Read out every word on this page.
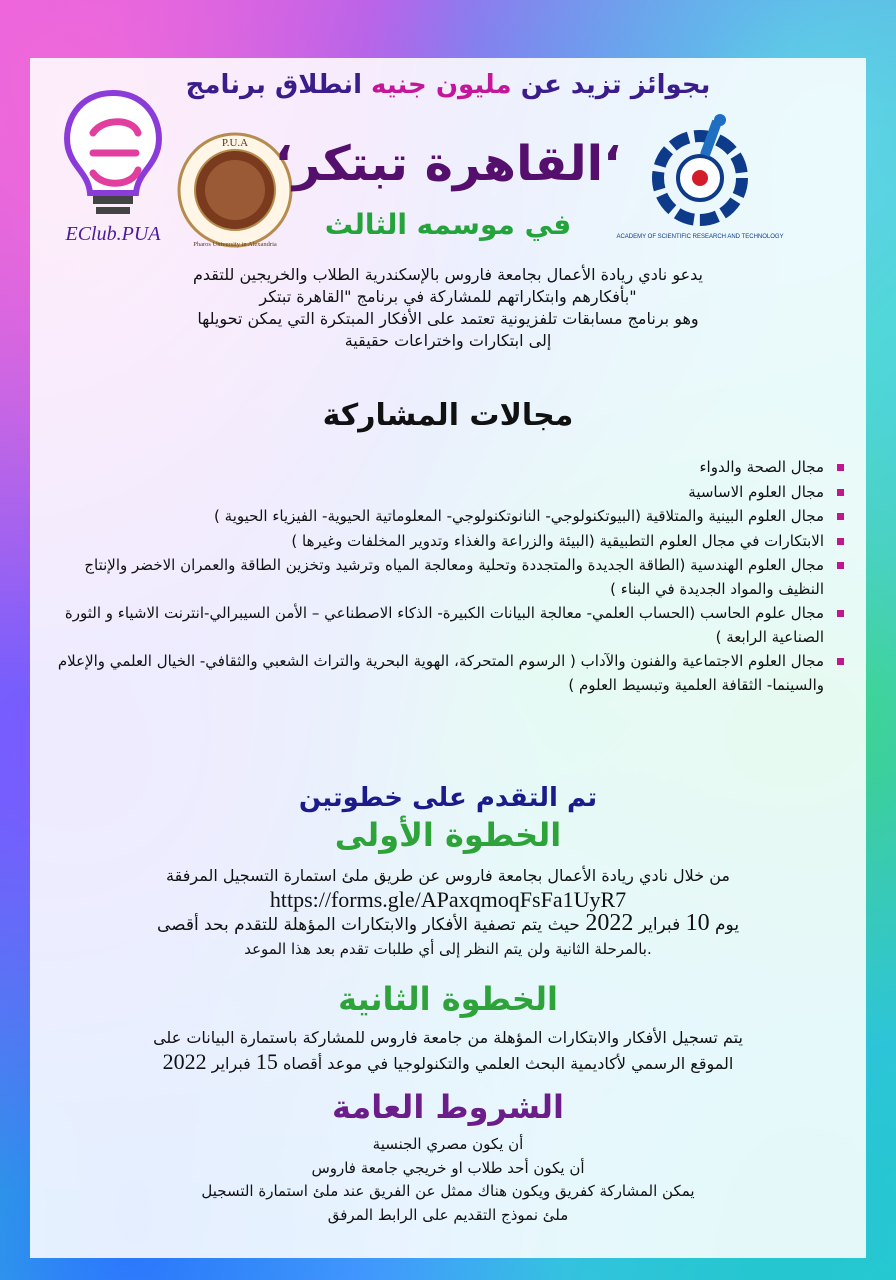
EClub.PUA
P.U.A
Pharos University in Alexandria
ACADEMY OF SCIENTIFIC RESEARCH AND TECHNOLOGY
بجوائز تزيد عن مليون جنيه انطلاق برنامج
‘القاهرة تبتكر‘
في موسمه الثالث
يدعو نادي ريادة الأعمال بجامعة فاروس بالإسكندرية الطلاب والخريجين للتقدم
"بأفكارهم وابتكاراتهم للمشاركة في برنامج "القاهرة تبتكر
وهو برنامج مسابقات تلفزيونية تعتمد على الأفكار المبتكرة التي يمكن تحويلها
إلى ابتكارات واختراعات حقيقية
مجالات المشاركة
مجال الصحة والدواء
مجال العلوم الاساسية
مجال العلوم البينية والمتلاقية (البيوتكنولوجي- النانوتكنولوجي- المعلوماتية الحيوية- الفيزياء الحيوية )
الابتكارات في مجال العلوم التطبيقية (البيئة والزراعة والغذاء وتدوير المخلفات وغيرها )
مجال العلوم الهندسية (الطاقة الجديدة والمتجددة وتحلية ومعالجة المياه وترشيد وتخزين الطاقة والعمران الاخضر والإنتاج النظيف والمواد الجديدة في البناء )
مجال علوم الحاسب (الحساب العلمي- معالجة البيانات الكبيرة- الذكاء الاصطناعي – الأمن السيبرالي-انترنت الاشياء و الثورة الصناعية الرابعة )
مجال العلوم الاجتماعية والفنون والآداب ( الرسوم المتحركة، الهوية البحرية والتراث الشعبي والثقافي- الخيال العلمي والإعلام والسينما- الثقافة العلمية وتبسيط العلوم )
تم التقدم على خطوتين
الخطوة الأولى
من خلال نادي ريادة الأعمال بجامعة فاروس عن طريق ملئ استمارة التسجيل المرفقة
https://forms.gle/APaxqmoqFsFa1UyR7
يوم 10 فبراير 2022 حيث يتم تصفية الأفكار والابتكارات المؤهلة للتقدم بحد أقصى
.بالمرحلة الثانية ولن يتم النظر إلى أي طلبات تقدم بعد هذا الموعد
الخطوة الثانية
يتم تسجيل الأفكار والابتكارات المؤهلة من جامعة فاروس للمشاركة باستمارة البيانات على
الموقع الرسمي لأكاديمية البحث العلمي والتكنولوجيا في موعد أقصاه 15 فبراير 2022
الشروط العامة
أن يكون مصري الجنسية
أن يكون أحد طلاب او خريجي جامعة فاروس
يمكن المشاركة كفريق ويكون هناك ممثل عن الفريق عند ملئ استمارة التسجيل
ملئ نموذج التقديم على الرابط المرفق
